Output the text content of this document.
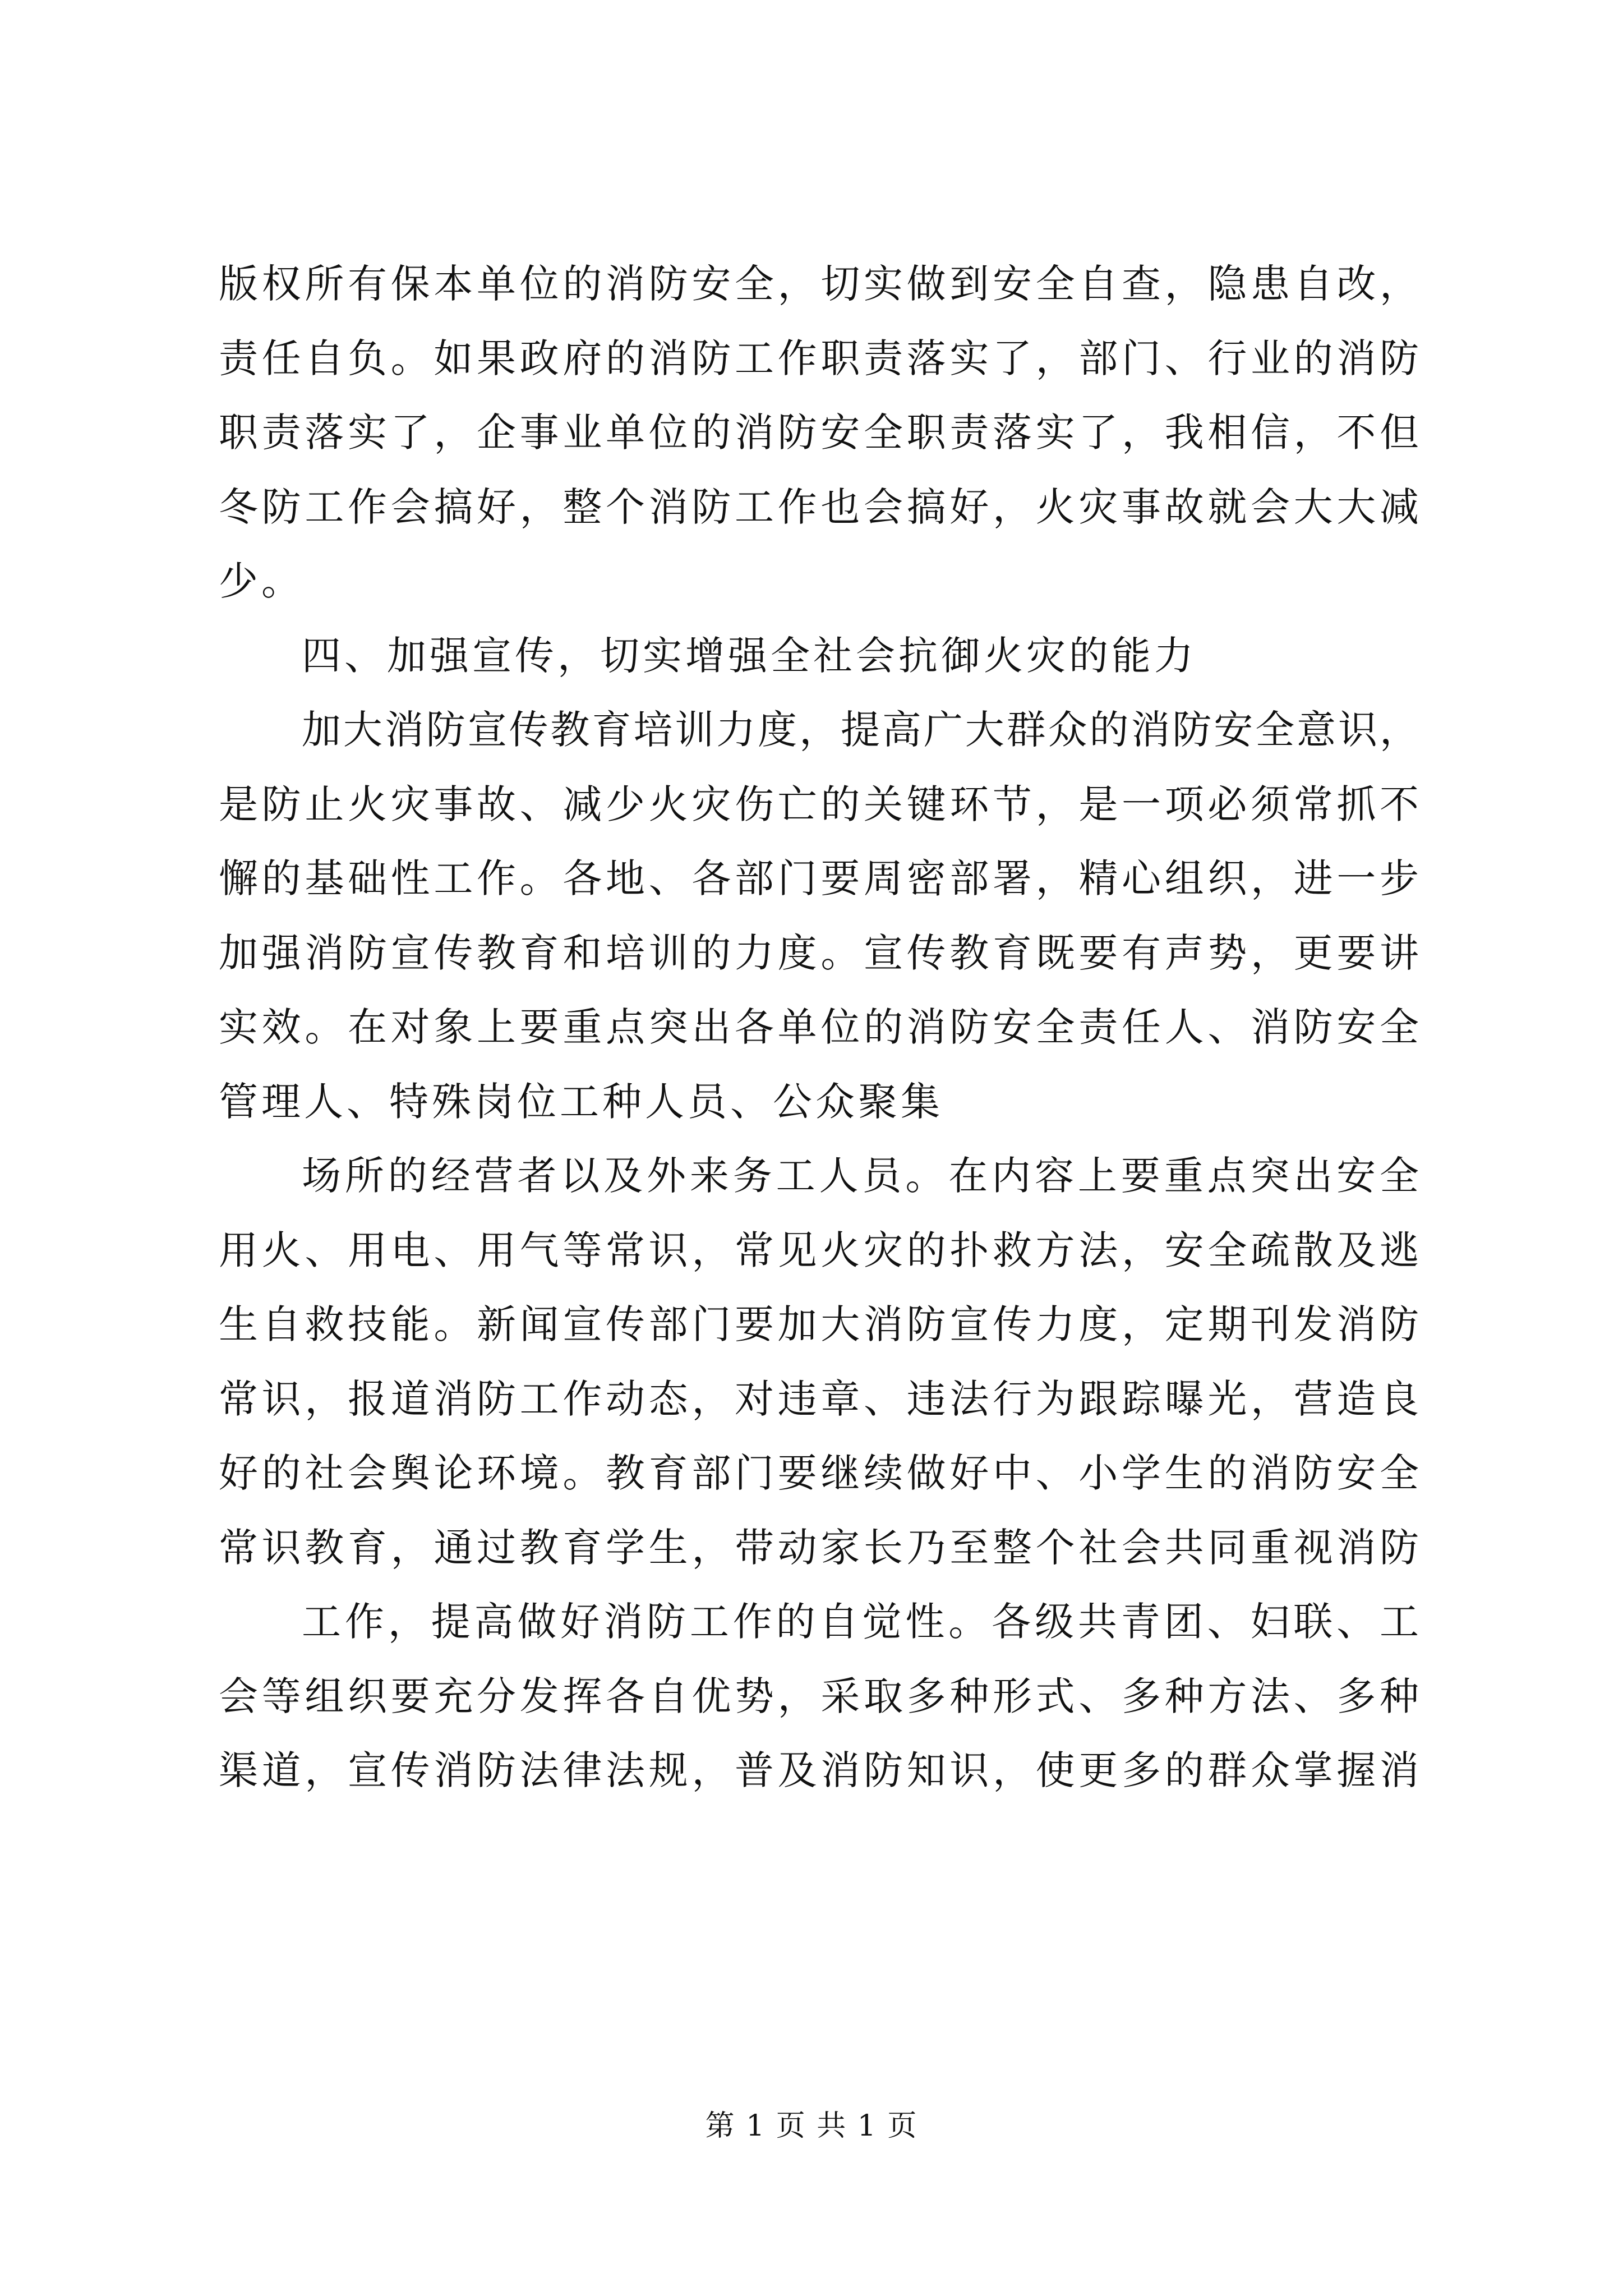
版权所有保本单位的消防安全，切实做到安全自查，隐患自改，
责任自负。如果政府的消防工作职责落实了，部门、行业的消防
职责落实了，企事业单位的消防安全职责落实了，我相信，不但
冬防工作会搞好，整个消防工作也会搞好，火灾事故就会大大减
少。
四、加强宣传，切实增强全社会抗御火灾的能力
加大消防宣传教育培训力度，提高广大群众的消防安全意识，
是防止火灾事故、减少火灾伤亡的关键环节，是一项必须常抓不
懈的基础性工作。各地、各部门要周密部署，精心组织，进一步
加强消防宣传教育和培训的力度。宣传教育既要有声势，更要讲
实效。在对象上要重点突出各单位的消防安全责任人、消防安全
管理人、特殊岗位工种人员、公众聚集
场所的经营者以及外来务工人员。在内容上要重点突出安全
用火、用电、用气等常识，常见火灾的扑救方法，安全疏散及逃
生自救技能。新闻宣传部门要加大消防宣传力度，定期刊发消防
常识，报道消防工作动态，对违章、违法行为跟踪曝光，营造良
好的社会舆论环境。教育部门要继续做好中、小学生的消防安全
常识教育，通过教育学生，带动家长乃至整个社会共同重视消防
工作，提高做好消防工作的自觉性。各级共青团、妇联、工
会等组织要充分发挥各自优势，采取多种形式、多种方法、多种
渠道，宣传消防法律法规，普及消防知识，使更多的群众掌握消
第 1 页 共 1 页
